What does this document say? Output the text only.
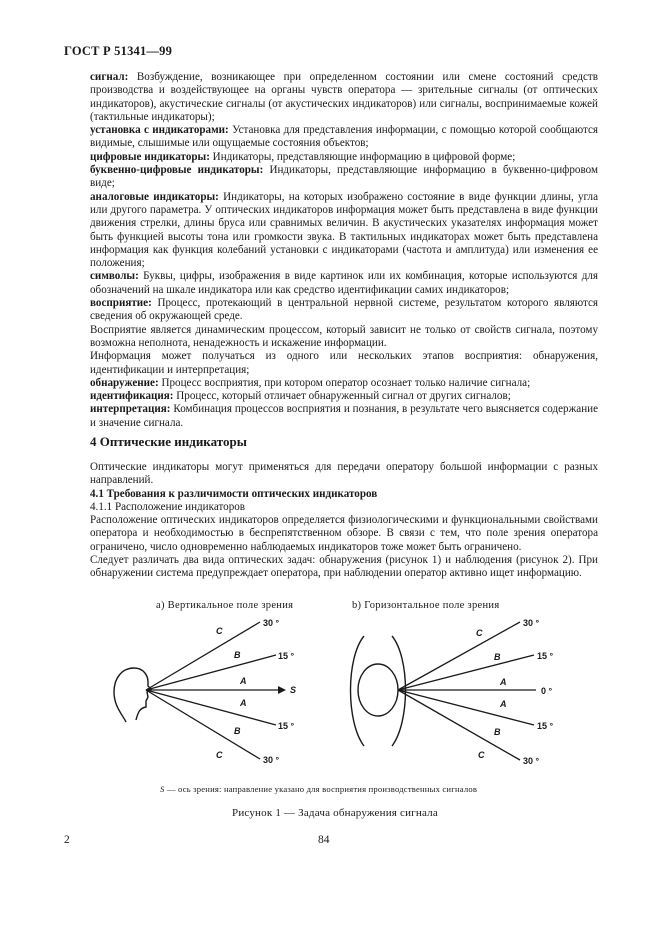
ГОСТ Р 51341—99

сигнал: Возбуждение, возникающее при определенном состоянии или смене состояний средств производства и воздействующее на органы чувств оператора — зрительные сигналы (от оптических индикаторов), акустические сигналы (от акустических индикаторов) или сигналы, воспринимаемые кожей (тактильные индикаторы);

установка с индикаторами: Установка для представления информации, с помощью которой сообщаются видимые, слышимые или ощущаемые состояния объектов;

цифровые индикаторы: Индикаторы, представляющие информацию в цифровой форме;

буквенно-цифровые индикаторы: Индикаторы, представляющие информацию в буквенно-цифровом виде;

аналоговые индикаторы: Индикаторы, на которых изображено состояние в виде функции длины, угла или другого параметра. У оптических индикаторов информация может быть представлена в виде функции движения стрелки, длины бруса или сравнимых величин. В акустических указателях информация может быть функцией высоты тона или громкости звука. В тактильных индикаторах может быть представлена информация как функция колебаний установки с индикаторами (частота и амплитуда) или изменения ее положения;

символы: Буквы, цифры, изображения в виде картинок или их комбинация, которые используются для обозначений на шкале индикатора или как средство идентификации самих индикаторов;

восприятие: Процесс, протекающий в центральной нервной системе, результатом которого являются сведения об окружающей среде.

Восприятие является динамическим процессом, который зависит не только от свойств сигнала, поэтому возможна неполнота, ненадежность и искажение информации.

Информация может получаться из одного или нескольких этапов восприятия: обнаружения, идентификации и интерпретация;

обнаружение: Процесс восприятия, при котором оператор осознает только наличие сигнала;

идентификация: Процесс, который отличает обнаруженный сигнал от других сигналов;

интерпретация: Комбинация процессов восприятия и познания, в результате чего выясняется содержание и значение сигнала.

4 Оптические индикаторы

Оптические индикаторы могут применяться для передачи оператору большой информации с разных направлений.

4.1 Требования к различимости оптических индикаторов

4.1.1 Расположение индикаторов

Расположение оптических индикаторов определяется физиологическими и функциональными свойствами оператора и необходимостью в беспрепятственном обзоре. В связи с тем, что поле зрения оператора ограничено, число одновременно наблюдаемых индикаторов тоже может быть ограничено.

Следует различать два вида оптических задач: обнаружения (рисунок 1) и наблюдения (рисунок 2). При обнаружении система предупреждает оператора, при наблюдении оператор активно ищет информацию.

а) Вертикальное поле зрения	b) Горизонтальное поле зрения
C
B
A
A
B
C
S
30 °
15 °
15 °
30 °
C
B
A
A
B
C
30 °
15 °
0 °
15 °
30 °
S — ось зрения: направление указано для восприятия производственных сигналов
Рисунок 1 — Задача обнаружения сигнала
2	84
